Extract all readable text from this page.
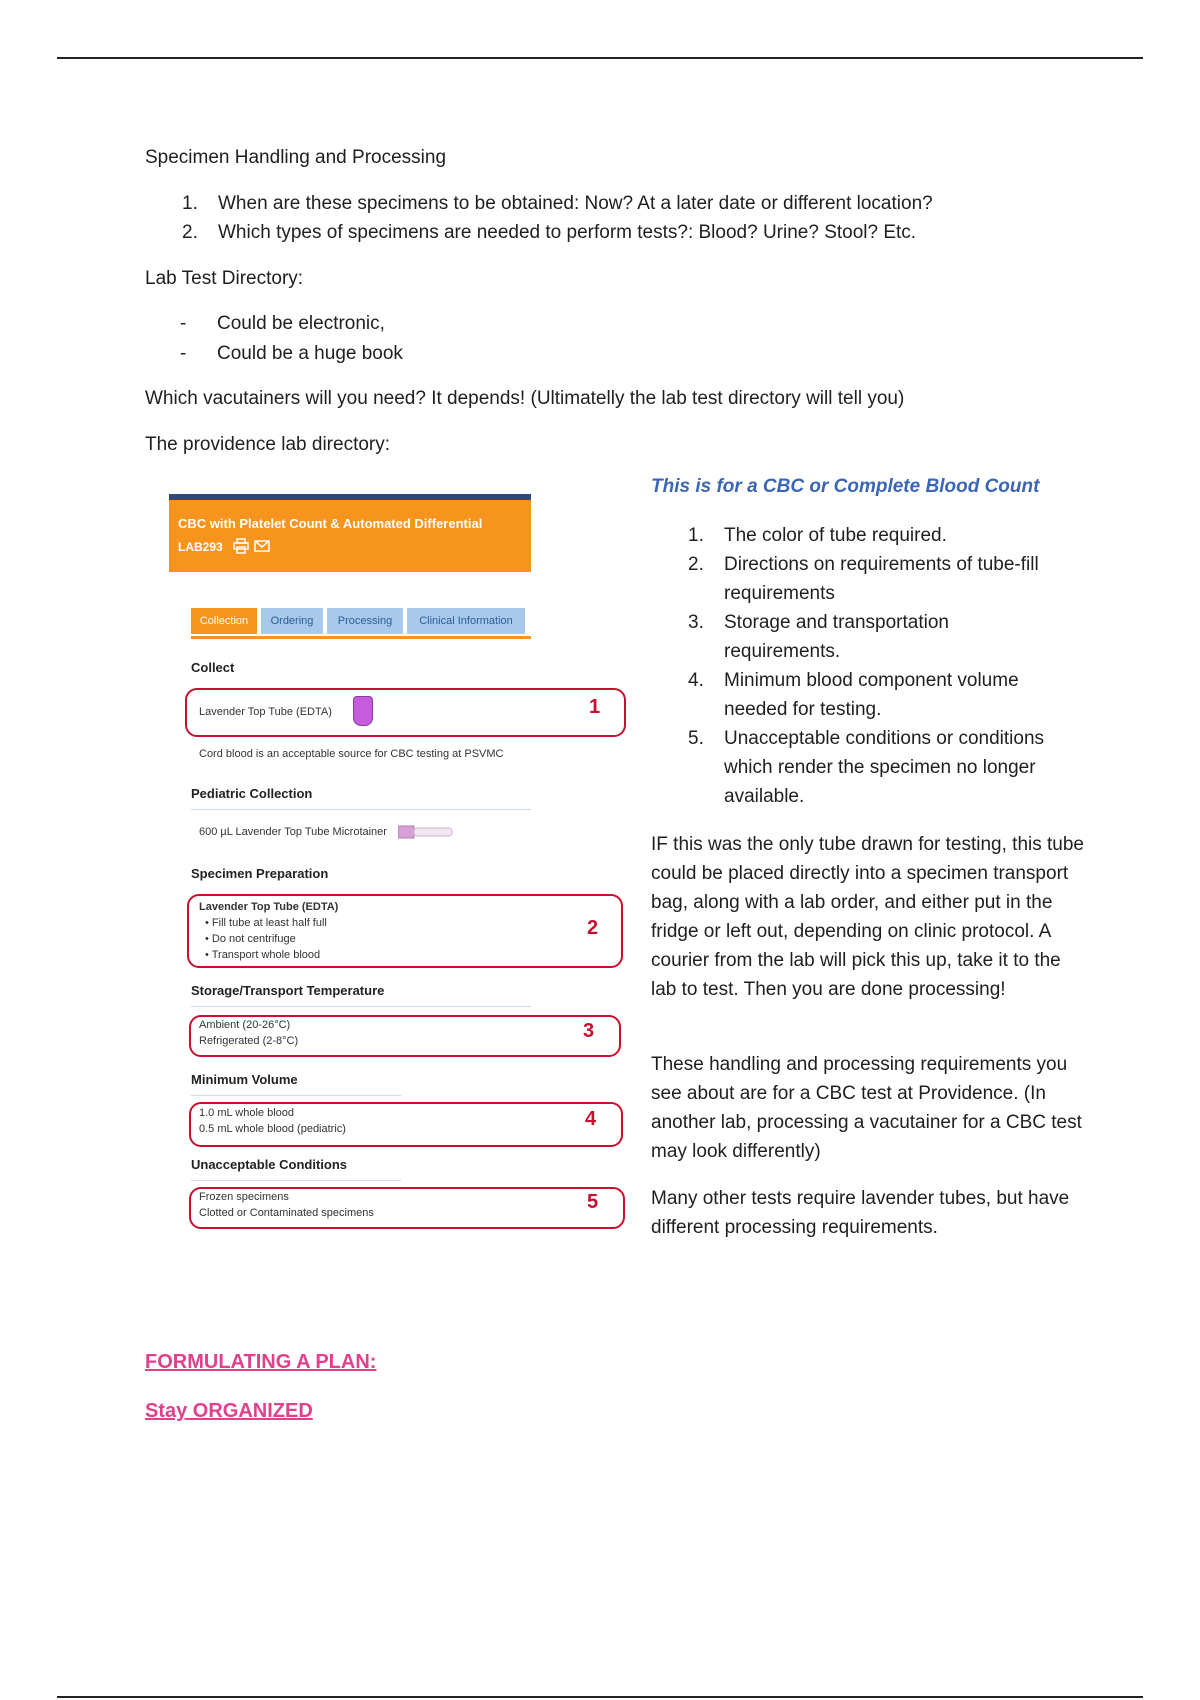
Specimen Handling and Processing
1.	When are these specimens to be obtained: Now? At a later date or different location?
2.	Which types of specimens are needed to perform tests?: Blood? Urine? Stool? Etc.
Lab Test Directory:
- Could be electronic,
- Could be a huge book
Which vacutainers will you need? It depends! (Ultimatelly the lab test directory will tell you)
The providence lab directory:
CBC with Platelet Count & Automated Differential
LAB293
Collection	Ordering	Processing	Clinical Information
Collect
Lavender Top Tube (EDTA)	1
Cord blood is an acceptable source for CBC testing at PSVMC
Pediatric Collection
600 µL Lavender Top Tube Microtainer
Specimen Preparation
Lavender Top Tube (EDTA)
• Fill tube at least half full
• Do not centrifuge
• Transport whole blood
2
Storage/Transport Temperature
Ambient (20-26°C)
Refrigerated (2-8°C)	3
Minimum Volume
1.0 mL whole blood
0.5 mL whole blood (pediatric)	4
Unacceptable Conditions
Frozen specimens
Clotted or Contaminated specimens	5
This is for a CBC or Complete Blood Count
1.	The color of tube required.
2.	Directions on requirements of tube-fill
requirements
3.	Storage and transportation
requirements.
4.	Minimum blood component volume
needed for testing.
5.	Unacceptable conditions or conditions
which render the specimen no longer
available.
IF this was the only tube drawn for testing, this tube could be placed directly into a specimen transport bag, along with a lab order, and either put in the fridge or left out, depending on clinic protocol. A courier from the lab will pick this up, take it to the lab to test. Then you are done processing!
These handling and processing requirements you see about are for a CBC test at Providence. (In another lab, processing a vacutainer for a CBC test may look differently)
Many other tests require lavender tubes, but have different processing requirements.
FORMULATING A PLAN:
Stay ORGANIZED
